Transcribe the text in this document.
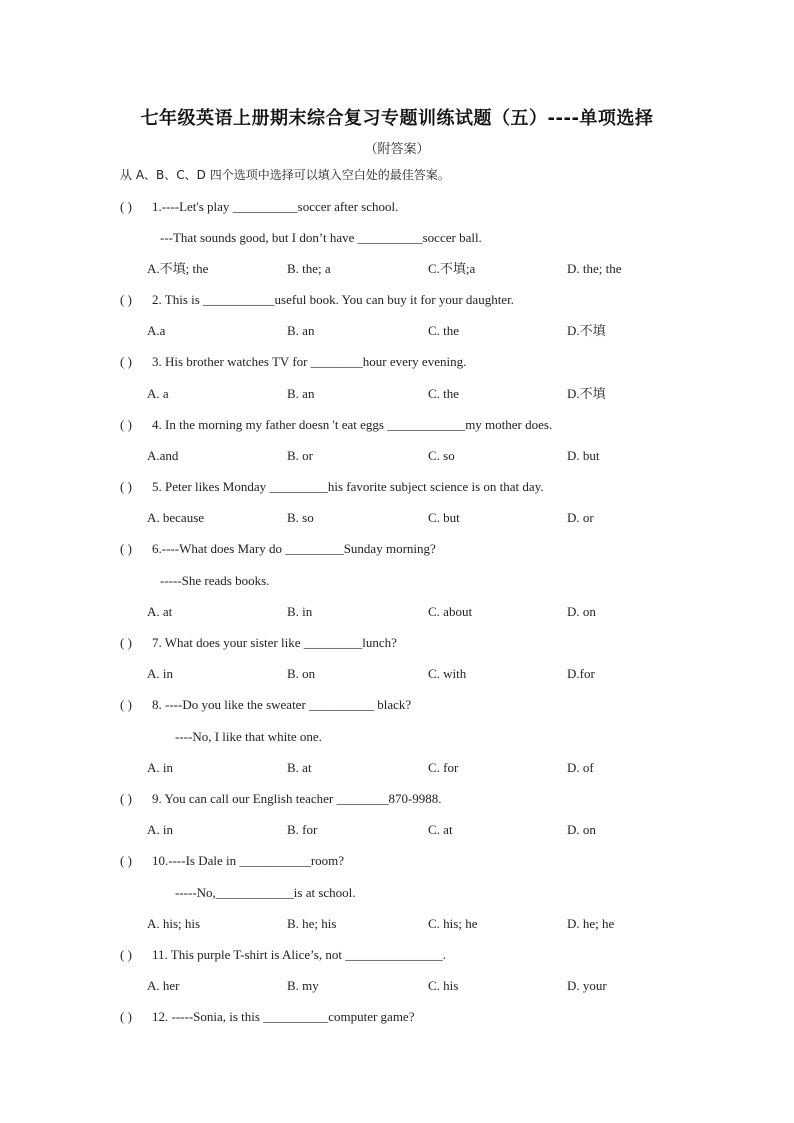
七年级英语上册期末综合复习专题训练试题（五）----单项选择
（附答案）
从 A、B、C、D 四个选项中选择可以填入空白处的最佳答案。
( ) 1.----Let's play __________soccer after school.
---That sounds good, but I don’t have __________soccer ball.
A.不填; the	B. the; a	C.不填;a	D. the; the
( ) 2. This is ___________useful book. You can buy it for your daughter.
A.a	B. an	C. the	D.不填
( ) 3. His brother watches TV for ________hour every evening.
A. a	B. an	C. the	D.不填
( ) 4. In the morning my father doesn 't eat eggs ____________my mother does.
A.and	B. or	C. so	D. but
( ) 5. Peter likes Monday _________his favorite subject science is on that day.
A. because	B. so	C. but	D. or
( ) 6.----What does Mary do _________Sunday morning?
-----She reads books.
A. at	B. in	C. about	D. on
( ) 7. What does your sister like _________lunch?
A. in	B. on	C. with	D.for
( ) 8. ----Do you like the sweater __________ black?
----No, I like that white one.
A. in	B. at	C. for	D. of
( ) 9. You can call our English teacher ________870-9988.
A. in	B. for	C. at	D. on
( ) 10.----Is Dale in ___________room?
-----No,____________is at school.
A. his; his	B. he; his	C. his; he	D. he; he
( ) 11. This purple T-shirt is Alice’s, not _______________.
A. her	B. my	C. his	D. your
( ) 12. -----Sonia, is this __________computer game?
